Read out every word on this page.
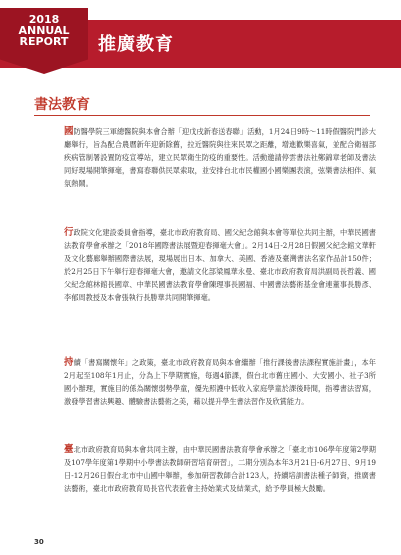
2018
ANNUAL
REPORT	推廣教育
書法教育

國防醫學院三軍總醫院與本會合辦「迎戊戌新春送春聯」活動，1月24日9時～11時假醫院門診大廳舉行，旨為配合農曆新年迎新除舊，拉近醫院與往來民眾之距離，增進歡樂喜氣，並配合衛福部疾病管制署設置防疫宣導站，建立民眾衛生防疫的重要性。活動邀請停雲書法社鄭錦章老師及書法同好現場開筆揮毫，書寫春聯供民眾索取，並安排台北市民權國小國樂團表演，弦樂書法相伴、氣氛熱鬧。

行政院文化建設委員會指導，臺北市政府教育局、國父紀念館與本會等單位共同主辦，中華民國書法教育學會承辦之「2018年國際書法展暨迎春揮毫大會」。2月14日-2月28日假國父紀念館文華軒及文化藝廊舉辦國際書法展，現場展出日本、加拿大、美國、香港及臺灣書法名家作品計150件；於2月25日下午舉行迎春揮毫大會，邀請文化部梁鳳華永曼、臺北市政府教育局洪副局長哲義、國父紀念館林館長國章、中華民國書法教育學會陳理事長國福、中國書法藝術基金會連董事長勝彥、李郁周教授及本會張執行長勝華共同開筆揮毫。

持續「書寫關懷年」之政策，臺北市政府教育局與本會繼辦「推行課後書法課程實施計畫」，本年2月起至108年1月止，分為上下學期實施，每週4節課，假台北市舊庄國小、大安國小、社子3所國小辦理，實施目的係為關懷弱勢學童，優先照護中低收入家庭學童於課後時間，指導書法習寫，激發學習書法興趣、體驗書法藝術之美，藉以提升學生書法習作及欣賞能力。

臺北市政府教育局與本會共同主辦，由中華民國書法教育學會承辦之「臺北市106學年度第2學期及107學年度第1學期中小學書法教師研習培育研習」，二期分別為本年3月21日-6月27日、9月19日-12月26日假台北市中山國中舉辦，參加研習教師合計123人，持續培訓書法種子師資，推廣書法藝術，臺北市政府教育局長官代表蒞會主持始業式及結業式，給予學員極大鼓勵。

30
